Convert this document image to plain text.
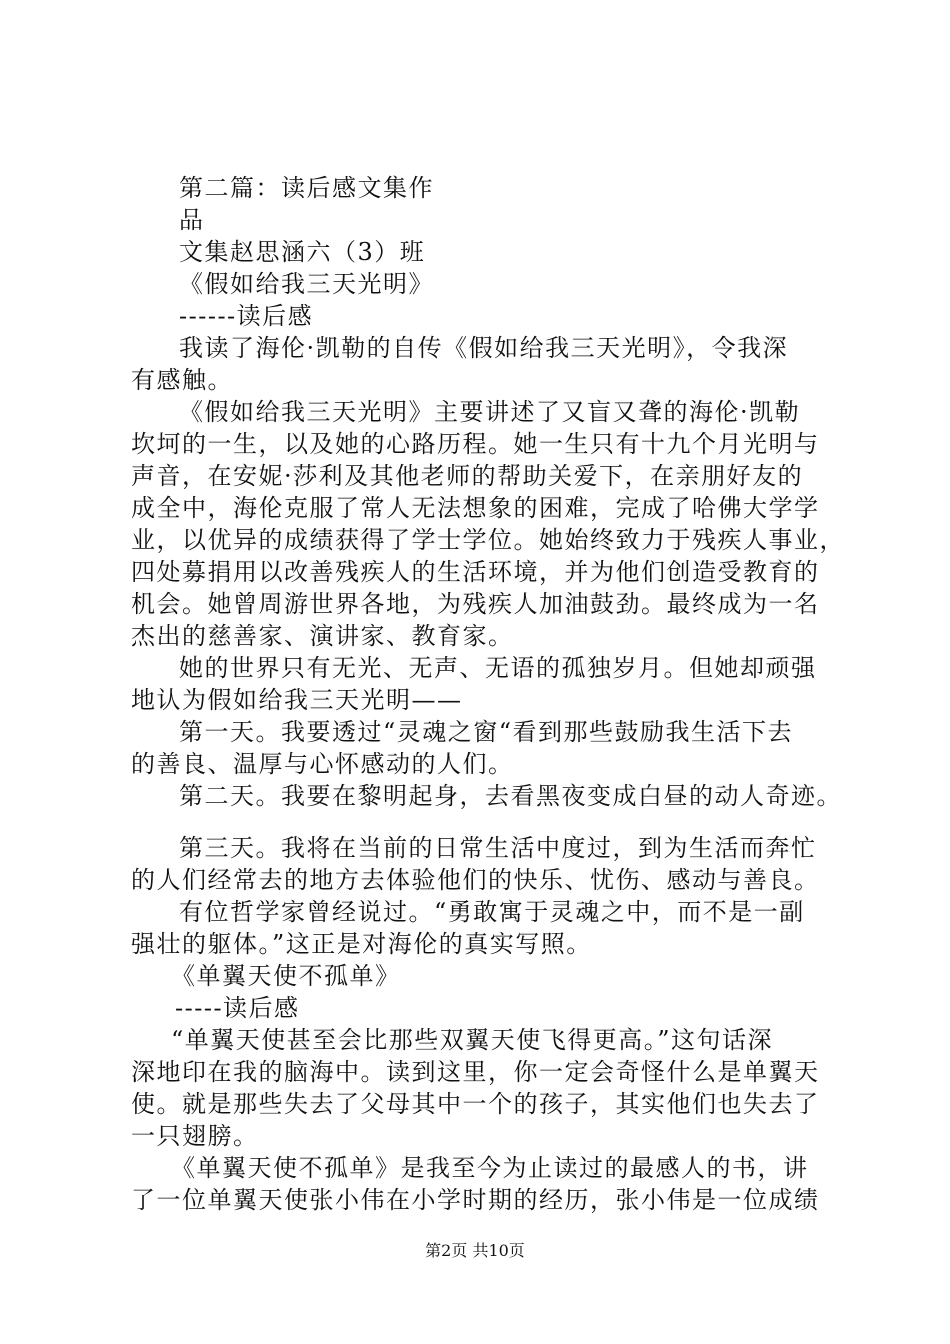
第二篇：读后感文集作
品
文集赵思涵六（3）班
《假如给我三天光明》
------读后感
我读了海伦·凯勒的自传《假如给我三天光明》，令我深
有感触。
《假如给我三天光明》主要讲述了又盲又聋的海伦·凯勒
坎坷的一生，以及她的心路历程。她一生只有十九个月光明与
声音，在安妮·莎利及其他老师的帮助关爱下，在亲朋好友的
成全中，海伦克服了常人无法想象的困难，完成了哈佛大学学
业，以优异的成绩获得了学士学位。她始终致力于残疾人事业，
四处募捐用以改善残疾人的生活环境，并为他们创造受教育的
机会。她曾周游世界各地，为残疾人加油鼓劲。最终成为一名
杰出的慈善家、演讲家、教育家。
她的世界只有无光、无声、无语的孤独岁月。但她却顽强
地认为假如给我三天光明——
第一天。我要透过“灵魂之窗“看到那些鼓励我生活下去
的善良、温厚与心怀感动的人们。
第二天。我要在黎明起身，去看黑夜变成白昼的动人奇迹。
第三天。我将在当前的日常生活中度过，到为生活而奔忙
的人们经常去的地方去体验他们的快乐、忧伤、感动与善良。
有位哲学家曾经说过。“勇敢寓于灵魂之中，而不是一副
强壮的躯体。”这正是对海伦的真实写照。
《单翼天使不孤单》
-----读后感
“单翼天使甚至会比那些双翼天使飞得更高。”这句话深
深地印在我的脑海中。读到这里，你一定会奇怪什么是单翼天
使。就是那些失去了父母其中一个的孩子，其实他们也失去了
一只翅膀。
《单翼天使不孤单》是我至今为止读过的最感人的书，讲
了一位单翼天使张小伟在小学时期的经历，张小伟是一位成绩
第2页 共10页
